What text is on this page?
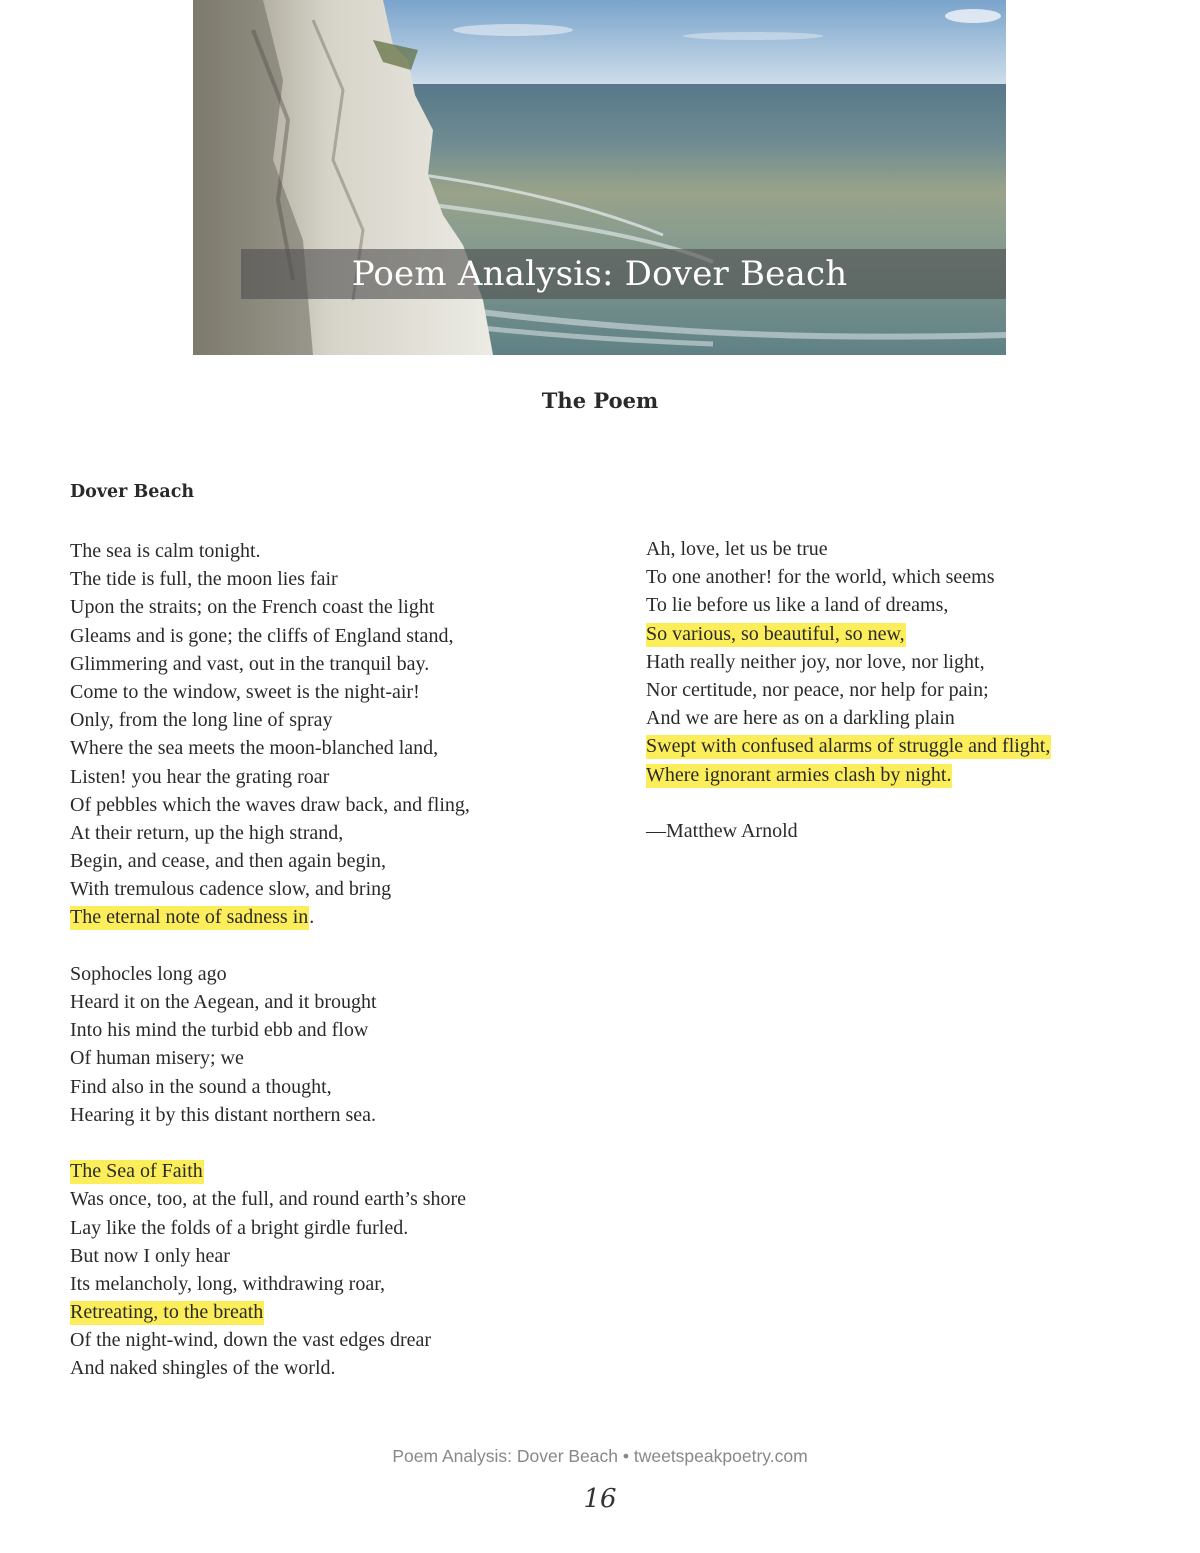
Poem Analysis: Dover Beach
The Poem
Dover Beach
The sea is calm tonight.
The tide is full, the moon lies fair
Upon the straits; on the French coast the light
Gleams and is gone; the cliffs of England stand,
Glimmering and vast, out in the tranquil bay.
Come to the window, sweet is the night-air!
Only, from the long line of spray
Where the sea meets the moon-blanched land,
Listen! you hear the grating roar
Of pebbles which the waves draw back, and fling,
At their return, up the high strand,
Begin, and cease, and then again begin,
With tremulous cadence slow, and bring
The eternal note of sadness in.
Sophocles long ago
Heard it on the Aegean, and it brought
Into his mind the turbid ebb and flow
Of human misery; we
Find also in the sound a thought,
Hearing it by this distant northern sea.
The Sea of Faith
Was once, too, at the full, and round earth’s shore
Lay like the folds of a bright girdle furled.
But now I only hear
Its melancholy, long, withdrawing roar,
Retreating, to the breath
Of the night-wind, down the vast edges drear
And naked shingles of the world.
Ah, love, let us be true
To one another! for the world, which seems
To lie before us like a land of dreams,
So various, so beautiful, so new,
Hath really neither joy, nor love, nor light,
Nor certitude, nor peace, nor help for pain;
And we are here as on a darkling plain
Swept with confused alarms of struggle and flight,
Where ignorant armies clash by night.
—Matthew Arnold
Poem Analysis: Dover Beach • tweetspeakpoetry.com
16
